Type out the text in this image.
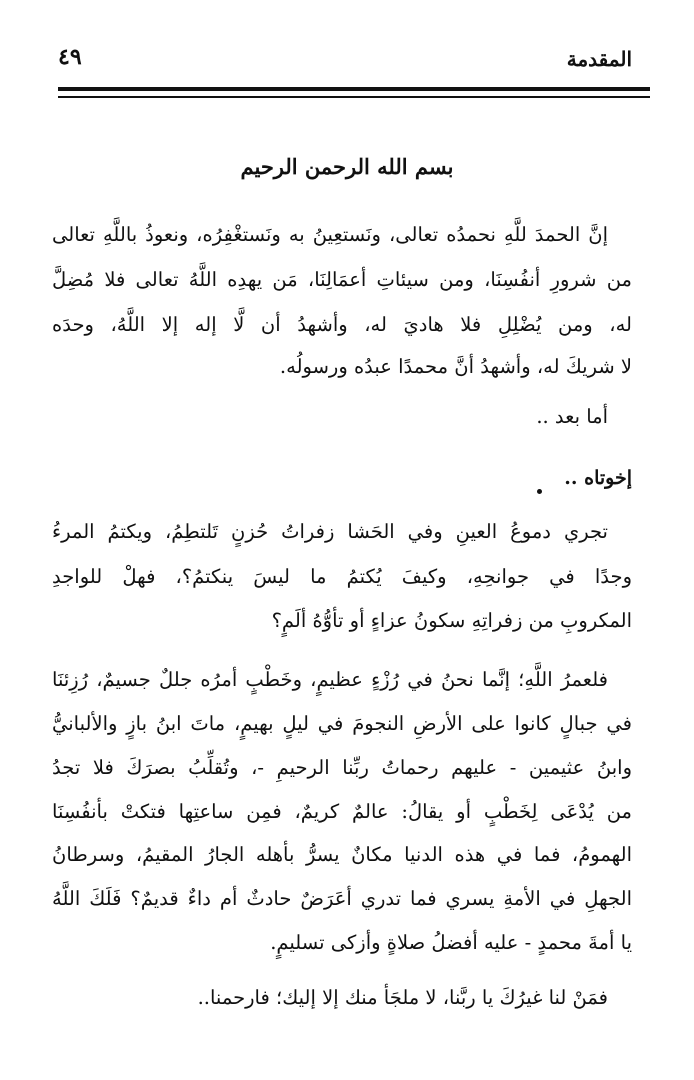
المقدمة
٤٩
بسم الله الرحمن الرحيم
إنَّ الحمدَ للَّهِ نحمدُه تعالى، ونَستعِينُ به ونَستغْفِرُه، ونعوذُ باللَّهِ تعالى
من شرورِ أنفُسِنَا، ومن سيئاتِ أعمَالِنَا، مَن يهدِه اللَّهُ تعالى فلا مُضِلَّ
له، ومن يُضْلِلِ فلا هاديَ له، وأشهدُ أن لَّا إله إلا اللَّهُ، وحدَه
لا شريكَ له، وأشهدُ أنَّ محمدًا عبدُه ورسولُه.
أما بعد ..
إخوتاه ..
تجري دموعُ العينِ وفي الحَشا زفراتُ حُزنٍ تَلتطِمُ، ويكتمُ المرءُ
وجدًا في جوانحِهِ، وكيفَ يُكتمُ ما ليسَ ينكتمُ؟، فهلْ للواجدِ
المكروبِ من زفراتِهِ سكونُ عزاءٍ أو تأوُّهُ ألَمٍ؟
فلعمرُ اللَّهِ؛ إنَّما نحنُ في رُزْءٍ عظيمٍ، وخَطْبٍ أمرُه جللٌ جسيمٌ، رُزِئنَا
في جبالٍ كانوا على الأرضِ النجومَ في ليلٍ بهيمٍ، ماتَ ابنُ بازٍ والألبانيُّ
وابنُ عثيمين - عليهم رحماتُ ربِّنا الرحيمِ -، وتُقلِّبُ بصرَكَ فلا تجدُ
من يُدْعَى لِخَطْبٍ أو يقالُ: عالمٌ كريمٌ، فمِن ساعتِها فتكتْ بأنفُسِنَا
الهمومُ، فما في هذه الدنيا مكانٌ يسرُّ بأهله الجارُ المقيمُ، وسرطانُ
الجهلِ في الأمةِ يسري فما تدري أعَرَضٌ حادثٌ أم داءٌ قديمٌ؟ فَلَكَ اللَّهُ
يا أمةَ محمدٍ - عليه أفضلُ صلاةٍ وأزكى تسليمٍ.
فمَنْ لنا غيرُكَ يا ربَّنا، لا ملجَأ منك إلا إليك؛ فارحمنا..
